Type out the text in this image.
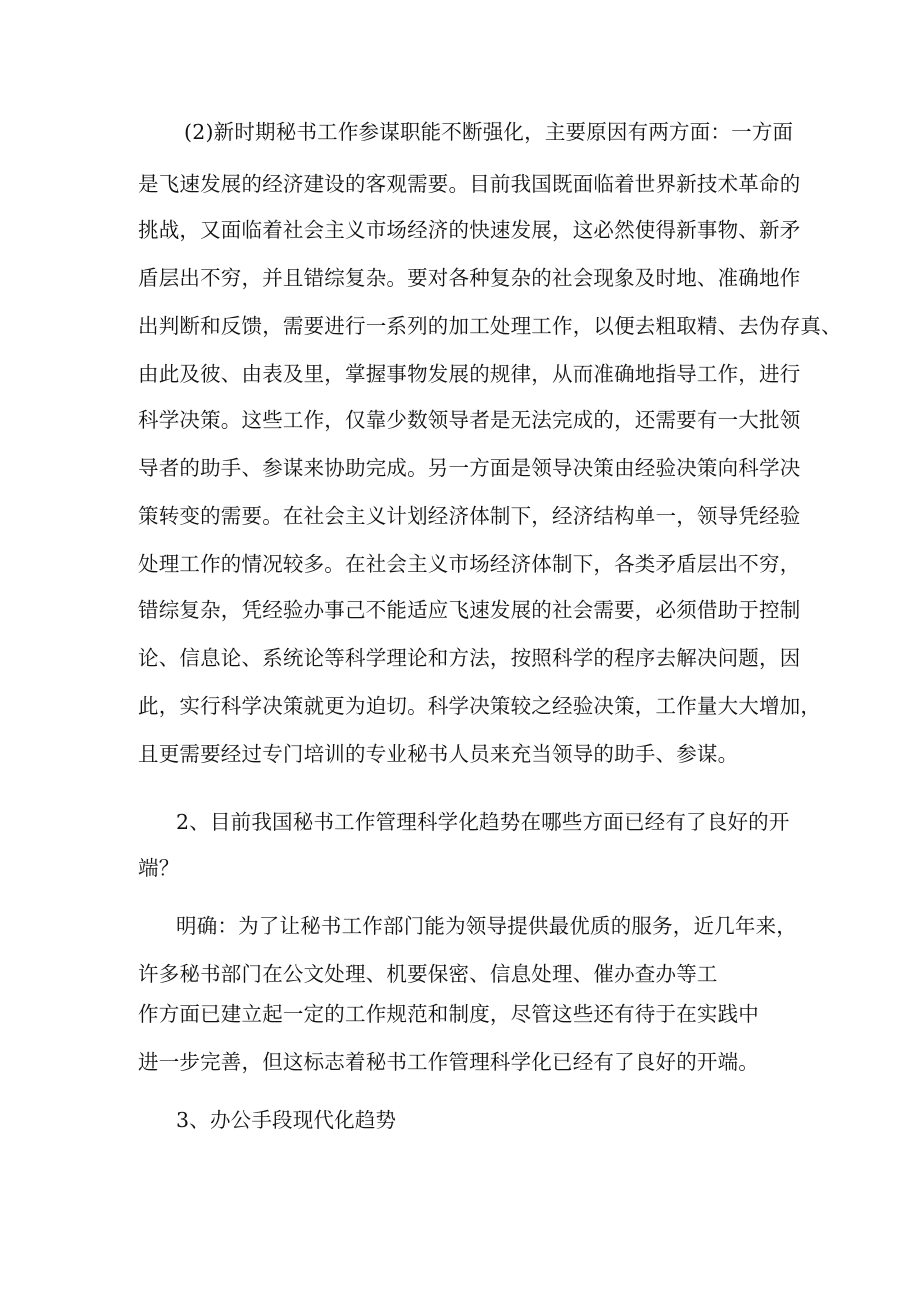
(2)新时期秘书工作参谋职能不断强化，主要原因有两方面：一方面
是飞速发展的经济建设的客观需要。目前我国既面临着世界新技术革命的
挑战，又面临着社会主义市场经济的快速发展，这必然使得新事物、新矛
盾层出不穷，并且错综复杂。要对各种复杂的社会现象及时地、准确地作
出判断和反馈，需要进行一系列的加工处理工作，以便去粗取精、去伪存真、
由此及彼、由表及里，掌握事物发展的规律，从而准确地指导工作，进行
科学决策。这些工作，仅靠少数领导者是无法完成的，还需要有一大批领
导者的助手、参谋来协助完成。另一方面是领导决策由经验决策向科学决
策转变的需要。在社会主义计划经济体制下，经济结构单一，领导凭经验
处理工作的情况较多。在社会主义市场经济体制下，各类矛盾层出不穷，
错综复杂，凭经验办事己不能适应飞速发展的社会需要，必须借助于控制
论、信息论、系统论等科学理论和方法，按照科学的程序去解决问题，因
此，实行科学决策就更为迫切。科学决策较之经验决策，工作量大大增加，
且更需要经过专门培训的专业秘书人员来充当领导的助手、参谋。
2、目前我国秘书工作管理科学化趋势在哪些方面已经有了良好的开
端？
明确：为了让秘书工作部门能为领导提供最优质的服务，近几年来，
许多秘书部门在公文处理、机要保密、信息处理、催办查办等工
作方面已建立起一定的工作规范和制度，尽管这些还有待于在实践中
进一步完善，但这标志着秘书工作管理科学化已经有了良好的开端。
3、办公手段现代化趋势
